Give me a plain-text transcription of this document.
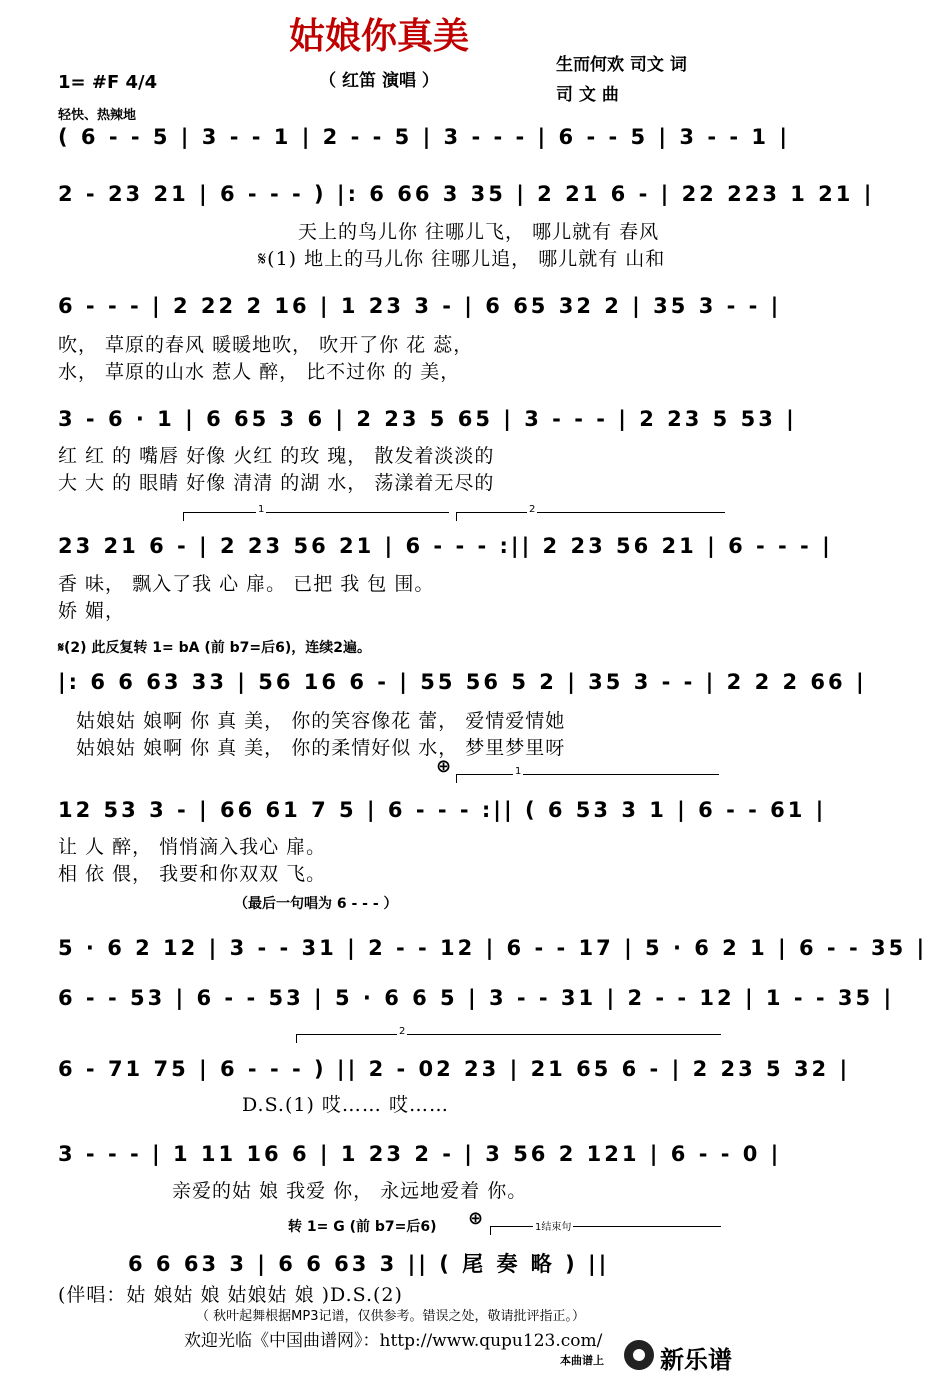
姑娘你真美
（ 红笛 演唱 ）
生而何欢 司文 词
司 文 曲
1= #F 4/4
轻快、热辣地
( 6 - - 5 | 3 - - 1 | 2 - - 5 | 3 - - - | 6 - - 5 | 3 - - 1 |
2 - 23 21 | 6 - - - ) |: 6 66 3 35 | 2 21 6 - | 22 223 1 21 |
天上的鸟儿你 往哪儿飞， 哪儿就有 春风
𝄋(1) 地上的马儿你 往哪儿追， 哪儿就有 山和
6 - - - | 2 22 2 16 | 1 23 3 - | 6 65 32 2 | 35 3 - - |
吹， 草原的春风 暖暖地吹， 吹开了你 花 蕊，
水， 草原的山水 惹人 醉， 比不过你 的 美，
3 - 6 · 1 | 6 65 3 6 | 2 23 5 65 | 3 - - - | 2 23 5 53 |
红 红 的 嘴唇 好像 火红 的玫 瑰， 散发着淡淡的
大 大 的 眼睛 好像 清清 的湖 水， 荡漾着无尽的
1	2
23 21 6 - | 2 23 56 21 | 6 - - - :|| 2 23 56 21 | 6 - - - |
香 味， 飘入了我 心 扉。 已把 我 包 围。
娇 媚，
𝄋(2) 此反复转 1= bA (前 b7=后6)，连续2遍。
|: 6 6 63 33 | 56 16 6 - | 55 56 5 2 | 35 3 - - | 2 2 2 66 |
姑娘姑 娘啊 你 真 美， 你的笑容像花 蕾， 爱情爱情她
姑娘姑 娘啊 你 真 美， 你的柔情好似 水， 梦里梦里呀
⊕	1
12 53 3 - | 66 61 7 5 | 6 - - - :|| ( 6 53 3 1 | 6 - - 61 |
让 人 醉， 悄悄滴入我心 扉。
相 依 偎， 我要和你双双 飞。
（最后一句唱为 6 - - - ）
5 · 6 2 12 | 3 - - 31 | 2 - - 12 | 6 - - 17 | 5 · 6 2 1 | 6 - - 35 |
6 - - 53 | 6 - - 53 | 5 · 6 6 5 | 3 - - 31 | 2 - - 12 | 1 - - 35 |
2
6 - 71 75 | 6 - - - ) || 2 - 02 23 | 21 65 6 - | 2 23 5 32 |
D.S.(1) 哎…… 哎……
3 - - - | 1 11 16 6 | 1 23 2 - | 3 56 2 121 | 6 - - 0 |
亲爱的姑 娘 我爱 你， 永远地爱着 你。
转 1= G (前 b7=后6) ⊕	1结束句
6 6 63 3 | 6 6 63 3 || ( 尾 奏 略 ) ||
(伴唱：姑 娘姑 娘 姑娘姑 娘 )D.S.(2)
（ 秋叶起舞根据MP3记谱，仅供参考。错误之处，敬请批评指正。）
欢迎光临《中国曲谱网》：http://www.qupu123.com/
本曲谱上 新乐谱
